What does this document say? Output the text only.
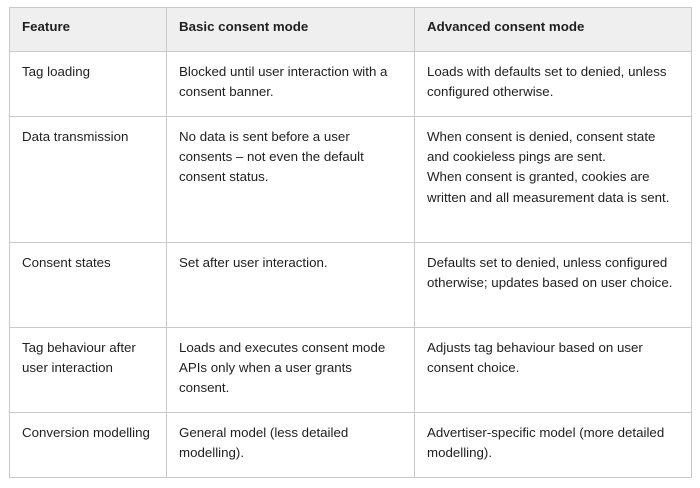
Feature	Basic consent mode	Advanced consent mode
Tag loading	Blocked until user interaction with a consent banner.	Loads with defaults set to denied, unless configured otherwise.
Data transmission	No data is sent before a user consents – not even the default consent status.	When consent is denied, consent state and cookieless pings are sent.
When consent is granted, cookies are written and all measurement data is sent.
Consent states	Set after user interaction.	Defaults set to denied, unless configured otherwise; updates based on user choice.
Tag behaviour after user interaction	Loads and executes consent mode APIs only when a user grants consent.	Adjusts tag behaviour based on user consent choice.
Conversion modelling	General model (less detailed modelling).	Advertiser-specific model (more detailed modelling).
